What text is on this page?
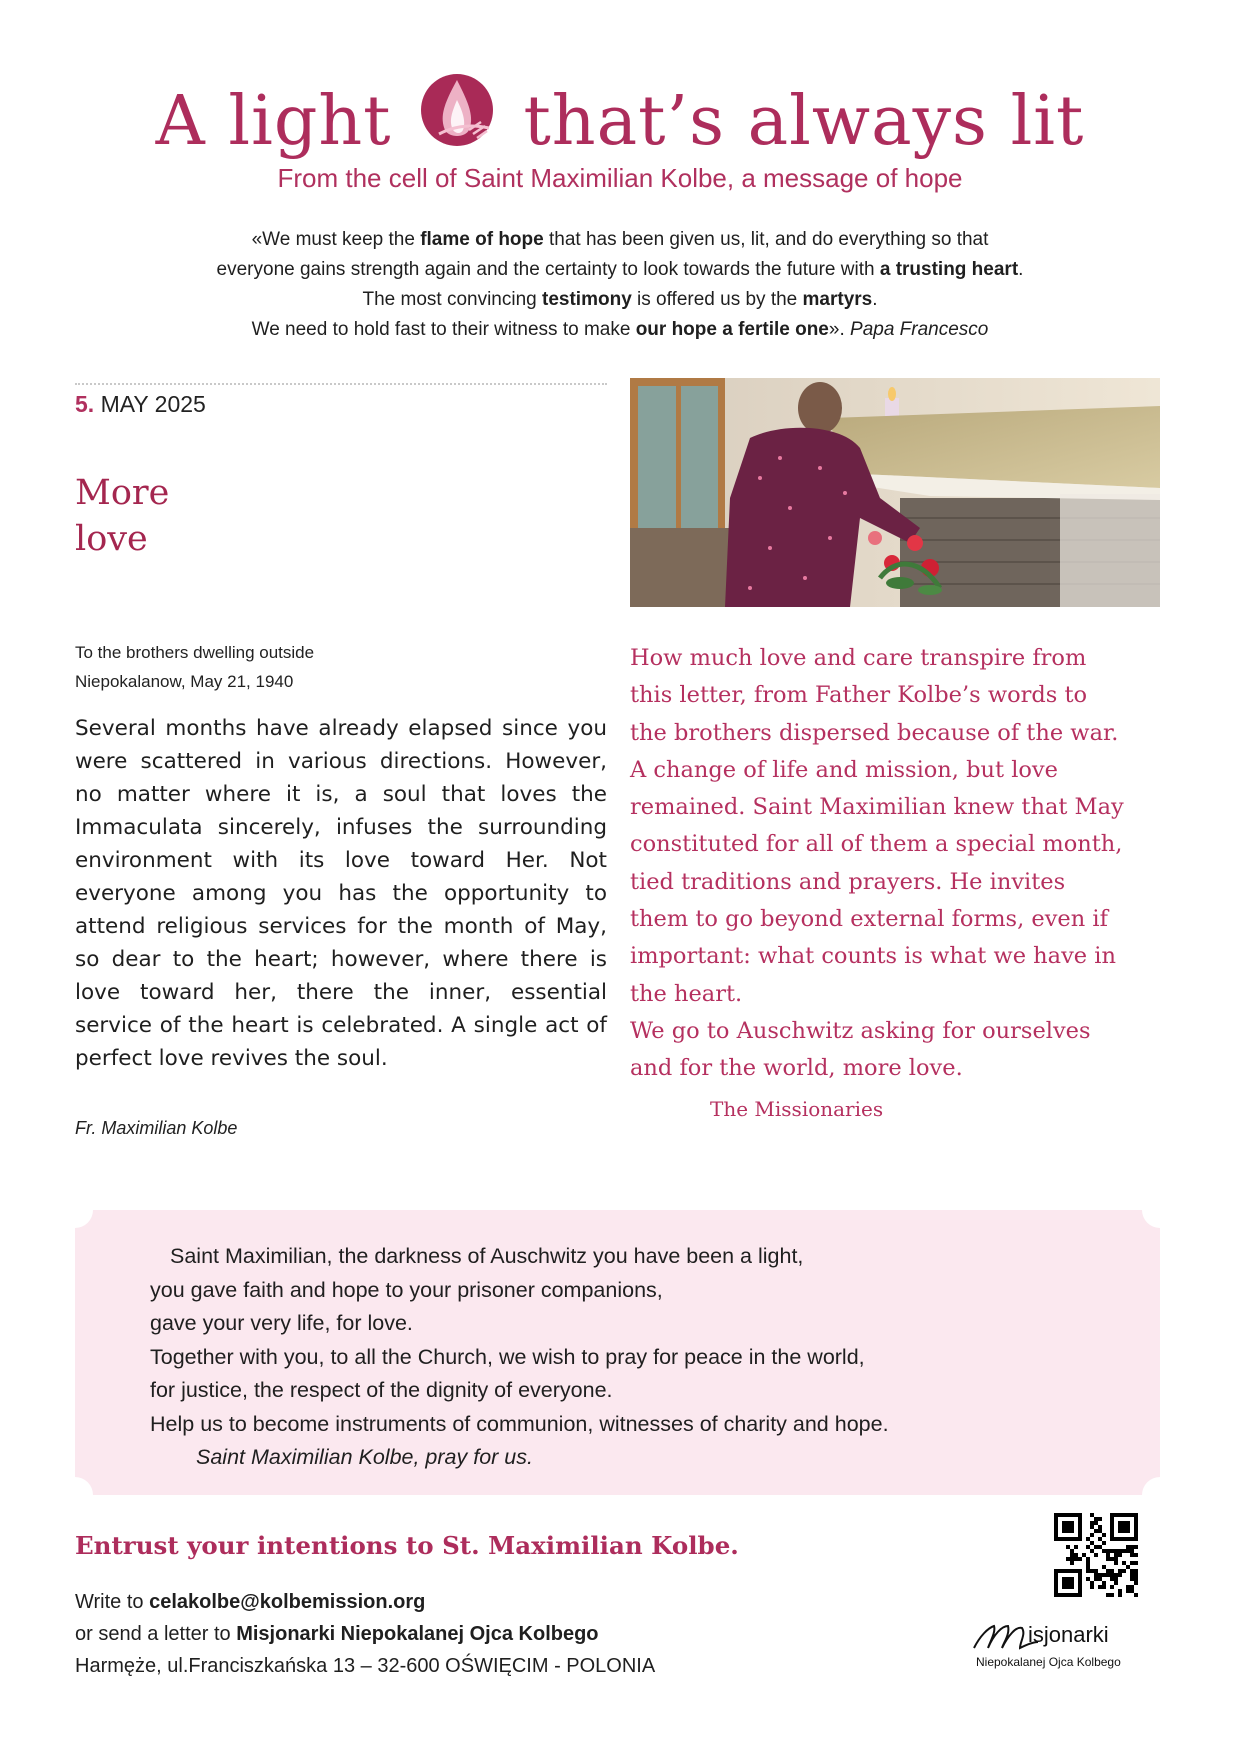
A light that’s always lit
From the cell of Saint Maximilian Kolbe, a message of hope
«We must keep the flame of hope that has been given us, lit, and do everything so that
everyone gains strength again and the certainty to look towards the future with a trusting heart.
The most convincing testimony is offered us by the martyrs.
We need to hold fast to their witness to make our hope a fertile one». Papa Francesco
5. MAY 2025
More
love
To the brothers dwelling outside
Niepokalanow, May 21, 1940
Several months have already elapsed since you were scattered in various directions. However, no matter where it is, a soul that loves the Immaculata sincerely, infuses the surrounding environment with its love toward Her. Not everyone among you has the opportunity to attend religious services for the month of May, so dear to the heart; however, where there is love toward her, there the inner, essential service of the heart is celebrated. A single act of perfect love revives the soul.
Fr. Maximilian Kolbe
How much love and care transpire from
this letter, from Father Kolbe’s words to
the brothers dispersed because of the war.
A change of life and mission, but love
remained. Saint Maximilian knew that May
constituted for all of them a special month,
tied traditions and prayers. He invites
them to go beyond external forms, even if
important: what counts is what we have in
the heart.
We go to Auschwitz asking for ourselves
and for the world, more love.
The Missionaries
Saint Maximilian, the darkness of Auschwitz you have been a light,
you gave faith and hope to your prisoner companions,
gave your very life, for love.
Together with you, to all the Church, we wish to pray for peace in the world,
for justice, the respect of the dignity of everyone.
Help us to become instruments of communion, witnesses of charity and hope.
Saint Maximilian Kolbe, pray for us.
Entrust your intentions to St. Maximilian Kolbe.
Write to celakolbe@kolbemission.org
or send a letter to Misjonarki Niepokalanej Ojca Kolbego
Harmęże, ul.Franciszkańska 13 – 32-600 OŚWIĘCIM - POLONIA
isjonarki
Niepokalanej Ojca Kolbego
